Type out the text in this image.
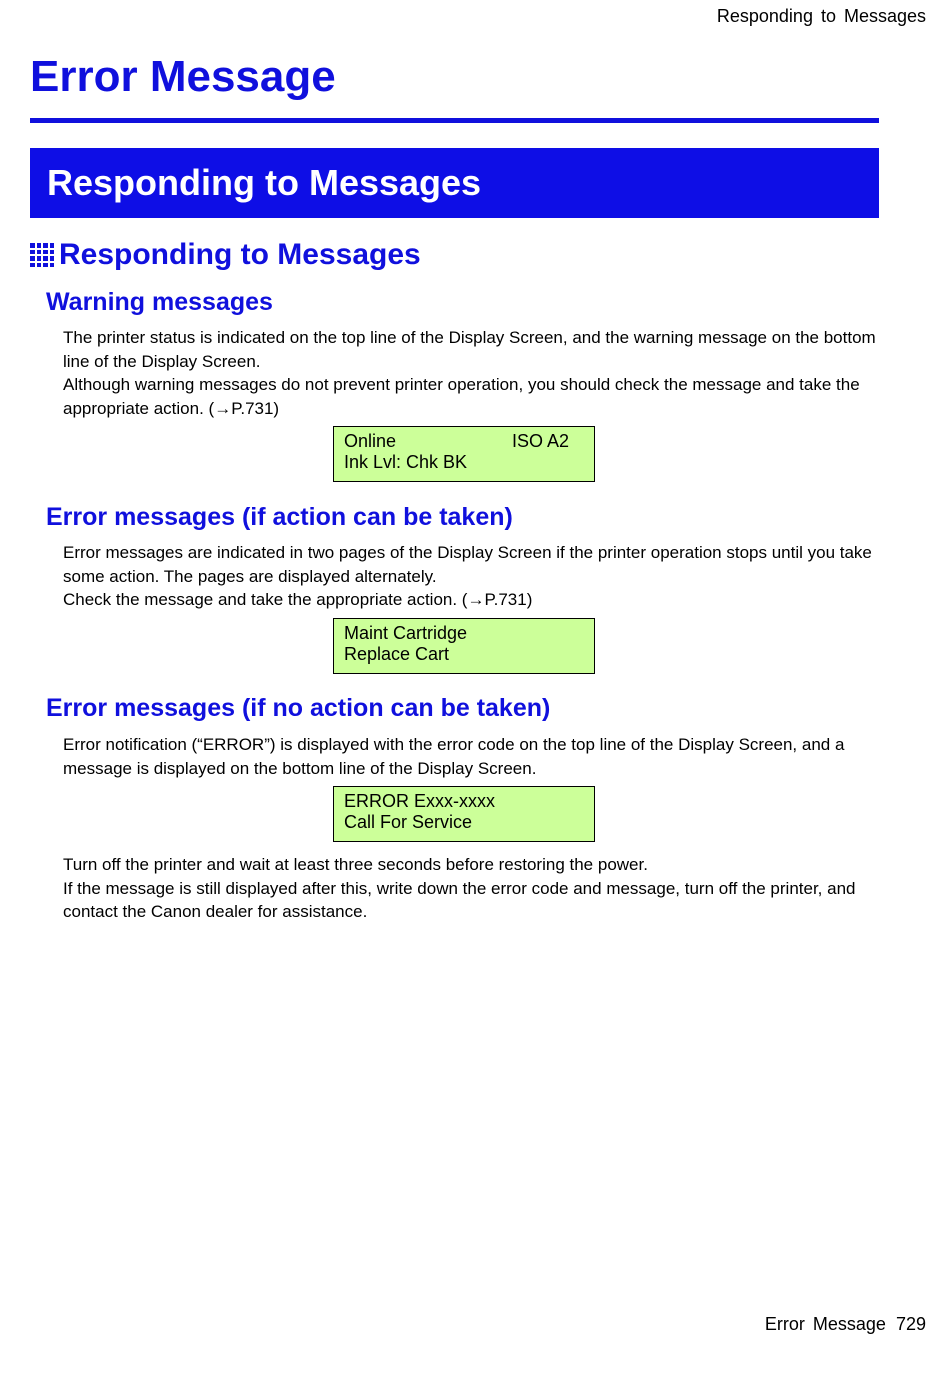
Responding to Messages
Error Message
Responding to Messages
Responding to Messages
Warning messages

The printer status is indicated on the top line of the Display Screen, and the warning message on the bottom line of the Display Screen.

Although warning messages do not prevent printer operation, you should check the message and take the appropriate action. (→P.731)

Online	ISO A2
Ink Lvl: Chk BK
Error messages (if action can be taken)

Error messages are indicated in two pages of the Display Screen if the printer operation stops until you take some action. The pages are displayed alternately.

Check the message and take the appropriate action. (→P.731)

Maint Cartridge
Replace Cart
Error messages (if no action can be taken)

Error notification (“ERROR”) is displayed with the error code on the top line of the Display Screen, and a message is displayed on the bottom line of the Display Screen.

ERROR Exxx-xxxx
Call For Service

Turn off the printer and wait at least three seconds before restoring the power.

If the message is still displayed after this, write down the error code and message, turn off the printer, and contact the Canon dealer for assistance.

Error Message 729
